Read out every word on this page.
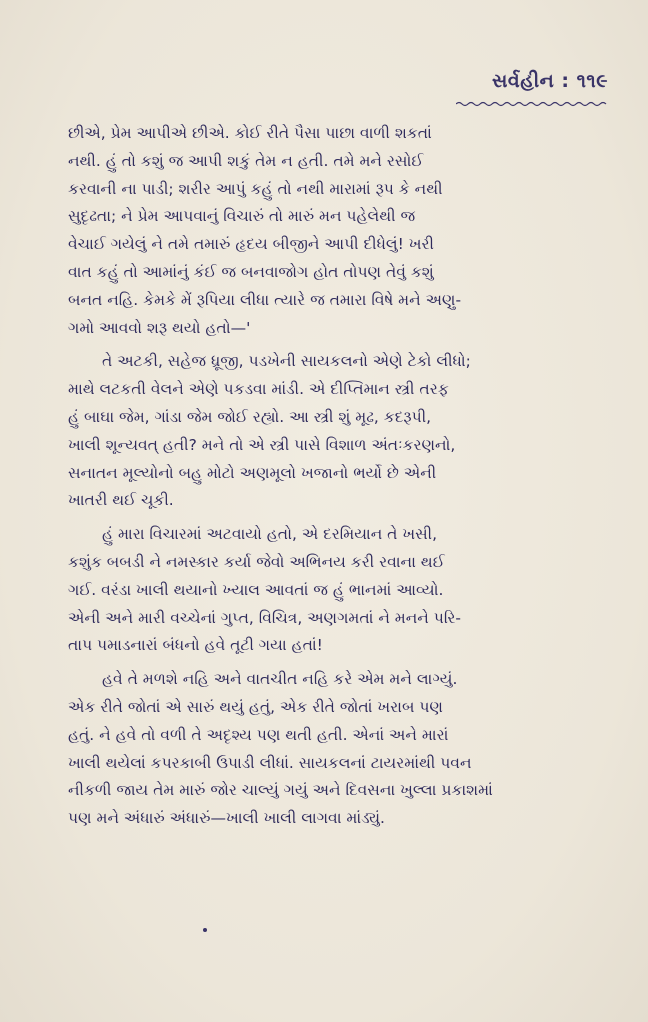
સર્વહીન : ૧૧૯

છીએ, પ્રેમ આપીએ છીએ. કોઈ રીતે પૈસા પાછા વાળી શકતાં
નથી. હું તો કશું જ આપી શકું તેમ ન હતી. તમે મને રસોઈ
કરવાની ના પાડી; શરીર આપું કહું તો નથી મારામાં રૂપ કે નથી
સુદૃઢતા; ને પ્રેમ આપવાનું વિચારું તો મારું મન પહેલેથી જ
વેચાઈ ગયેલું ને તમે તમારું હૃદય બીજીને આપી દીધેલું! ખરી
વાત કહું તો આમાંનું કંઈ જ બનવાજોગ હોત તોપણ તેવું કશું
બનત નહિ. કેમકે મેં રૂપિયા લીધા ત્યારે જ તમારા વિષે મને અણુ-
ગમો આવવો શરૂ થયો હતો—'

તે અટકી, સહેજ ધ્રૂજી, પડખેની સાયકલનો એણે ટેકો લીધો;
માથે લટકતી વેલને એણે પકડવા માંડી. એ દીપ્તિમાન સ્ત્રી તરફ
હું બાઘા જેમ, ગાંડા જેમ જોઈ રહ્યો. આ સ્ત્રી શું મૂઢ, કદરૂપી,
ખાલી શૂન્યવત્ હતી? મને તો એ સ્ત્રી પાસે વિશાળ અંતઃકરણનો,
સનાતન મૂલ્યોનો બહુ મોટો અણમૂલો ખજાનો ભર્યો છે એની
ખાતરી થઈ ચૂકી.

હું મારા વિચારમાં અટવાયો હતો, એ દરમિયાન તે ખસી,
કશુંક બબડી ને નમસ્કાર કર્યા જેવો અભિનય કરી રવાના થઈ
ગઈ. વરંડા ખાલી થયાનો ખ્યાલ આવતાં જ હું ભાનમાં આવ્યો.
એની અને મારી વચ્ચેનાં ગુપ્ત, વિચિત્ર, અણગમતાં ને મનને પરિ-
તાપ પમાડનારાં બંધનો હવે તૂટી ગયા હતાં!

હવે તે મળશે નહિ અને વાતચીત નહિ કરે એમ મને લાગ્યું.
એક રીતે જોતાં એ સારું થયું હતું, એક રીતે જોતાં ખરાબ પણ
હતું. ને હવે તો વળી તે અદૃશ્ય પણ થતી હતી. એનાં અને મારાં
ખાલી થયેલાં કપરકાબી ઉપાડી લીધાં. સાયકલનાં ટાયરમાંથી પવન
નીકળી જાય તેમ મારું જોર ચાલ્યું ગયું અને દિવસના ખુલ્લા પ્રકાશમાં
પણ મને અંધારું અંધારું—ખાલી ખાલી લાગવા માંડ્યું.
